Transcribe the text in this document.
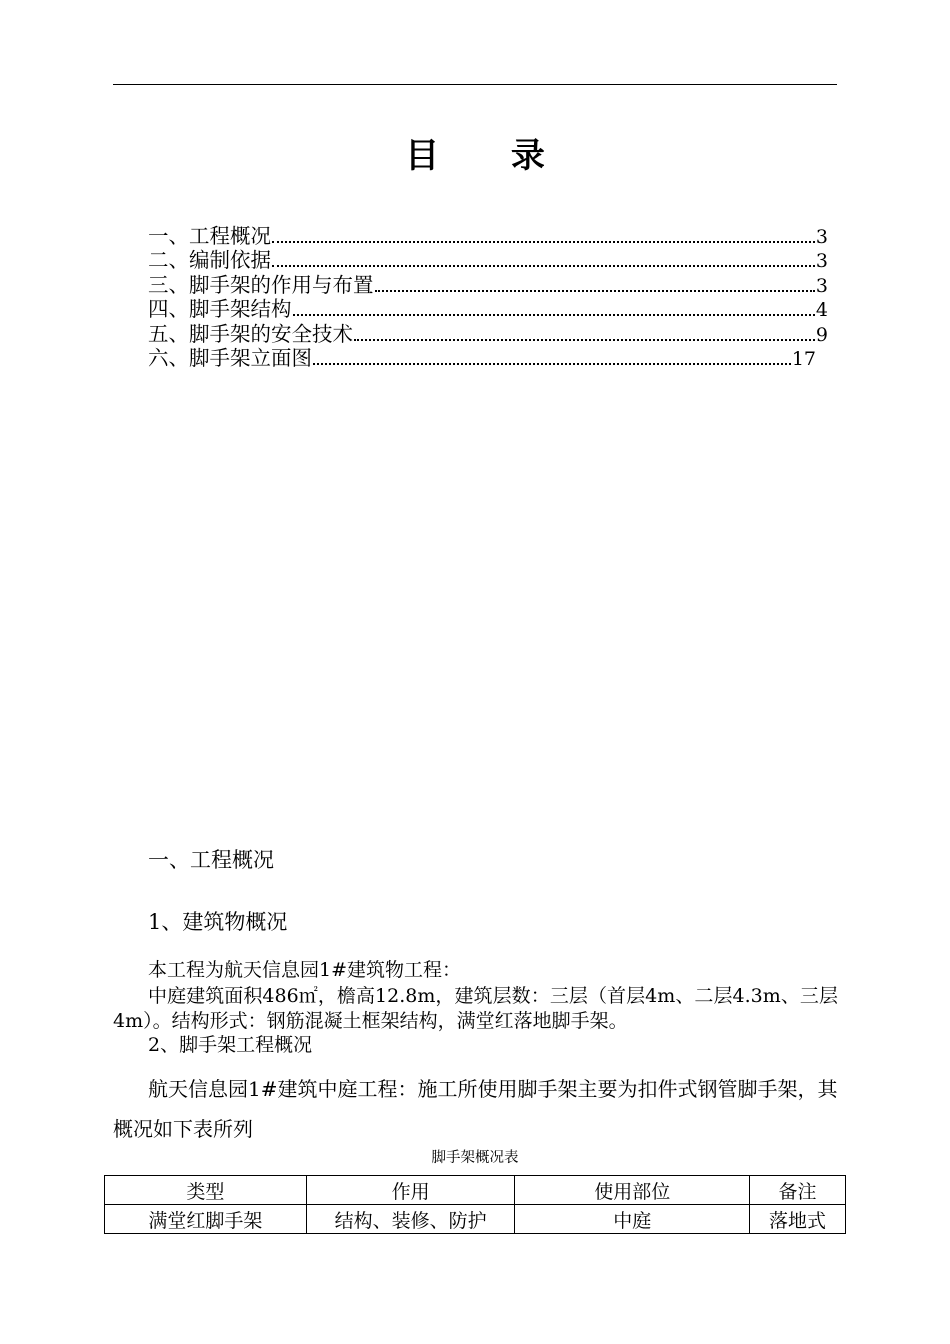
目 录
一、工程概况	3
二、编制依据	3
三、脚手架的作用与布置	3
四、脚手架结构	4
五、脚手架的安全技术	9
六、脚手架立面图	17
一、工程概况
1、建筑物概况
本工程为航天信息园1#建筑物工程：
中庭建筑面积486㎡，檐高12.8m，建筑层数：三层（首层4m、二层4.3m、三层4m）。结构形式：钢筋混凝土框架结构，满堂红落地脚手架。
2、脚手架工程概况
航天信息园1#建筑中庭工程：施工所使用脚手架主要为扣件式钢管脚手架，其概况如下表所列
脚手架概况表
类型	作用	使用部位	备注
满堂红脚手架	结构、装修、防护	中庭	落地式
